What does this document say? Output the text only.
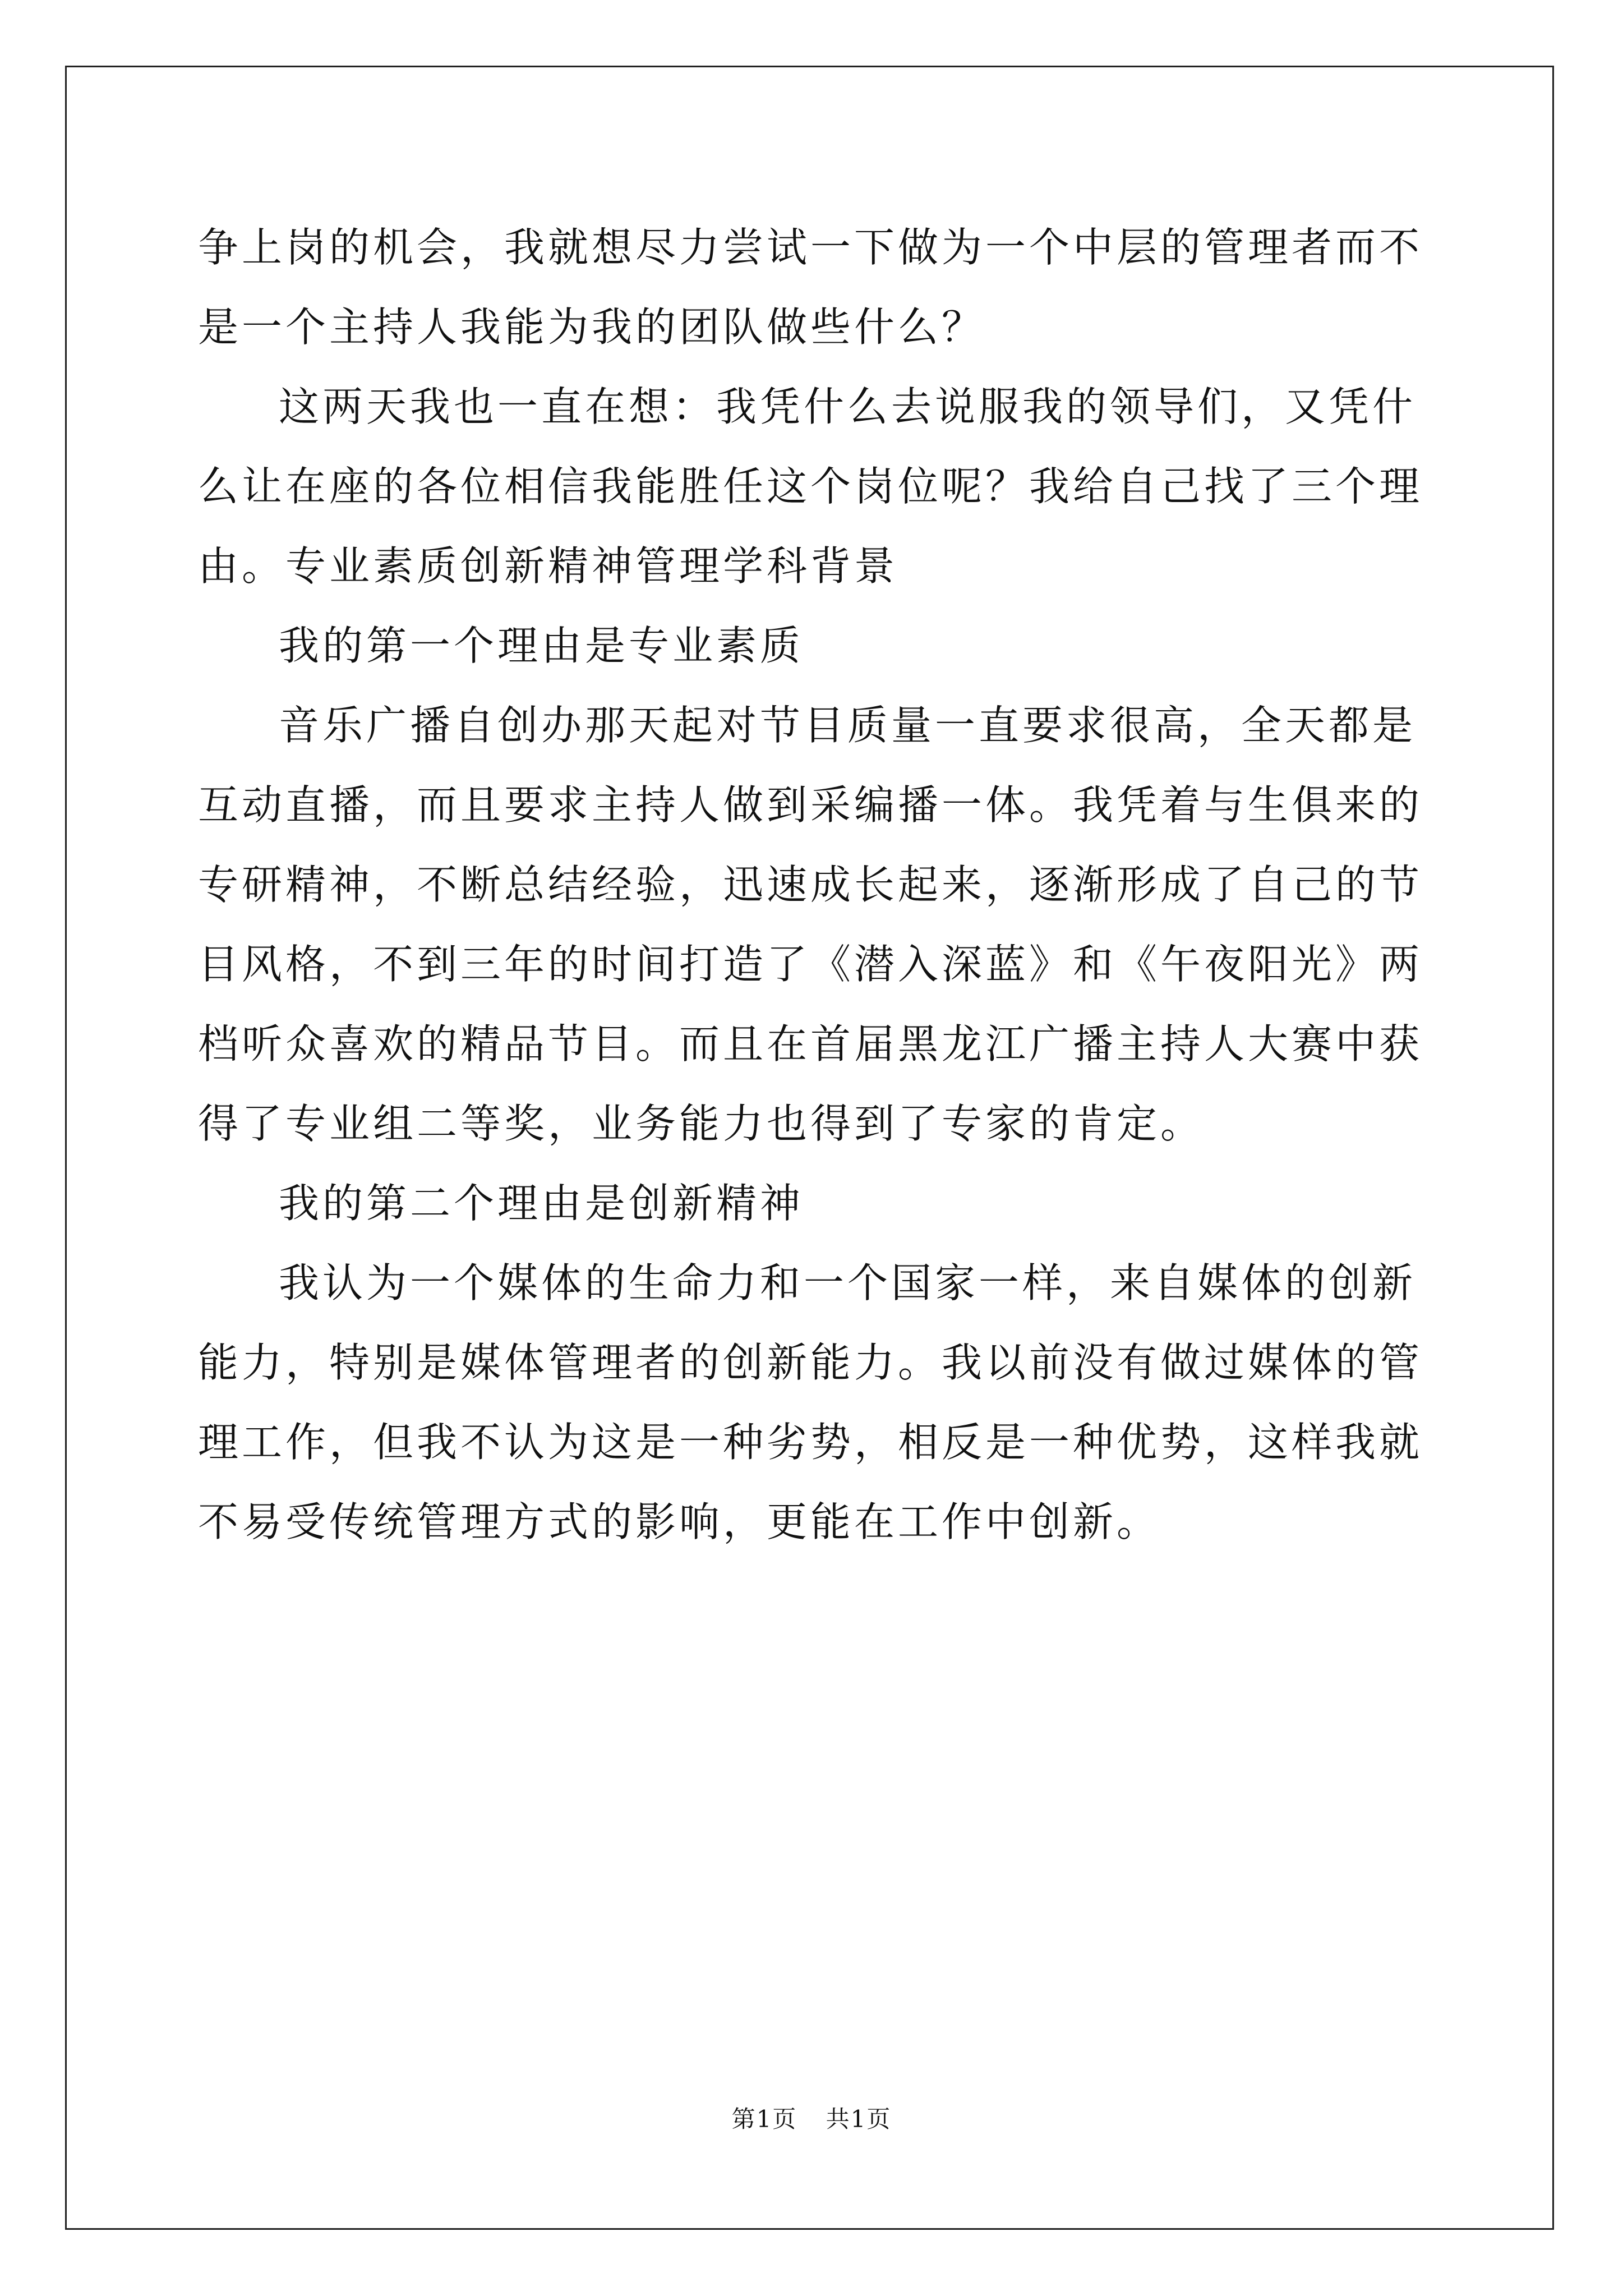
争上岗的机会，我就想尽力尝试一下做为一个中层的管理者而不是一个主持人我能为我的团队做些什么？

这两天我也一直在想：我凭什么去说服我的领导们，又凭什么让在座的各位相信我能胜任这个岗位呢？我给自己找了三个理由。专业素质创新精神管理学科背景

我的第一个理由是专业素质

音乐广播自创办那天起对节目质量一直要求很高，全天都是互动直播，而且要求主持人做到采编播一体。我凭着与生俱来的专研精神，不断总结经验，迅速成长起来，逐渐形成了自己的节目风格，不到三年的时间打造了《潜入深蓝》和《午夜阳光》两档听众喜欢的精品节目。而且在首届黑龙江广播主持人大赛中获得了专业组二等奖，业务能力也得到了专家的肯定。

我的第二个理由是创新精神

我认为一个媒体的生命力和一个国家一样，来自媒体的创新能力，特别是媒体管理者的创新能力。我以前没有做过媒体的管理工作，但我不认为这是一种劣势，相反是一种优势，这样我就不易受传统管理方式的影响，更能在工作中创新。

第1页 共1页
